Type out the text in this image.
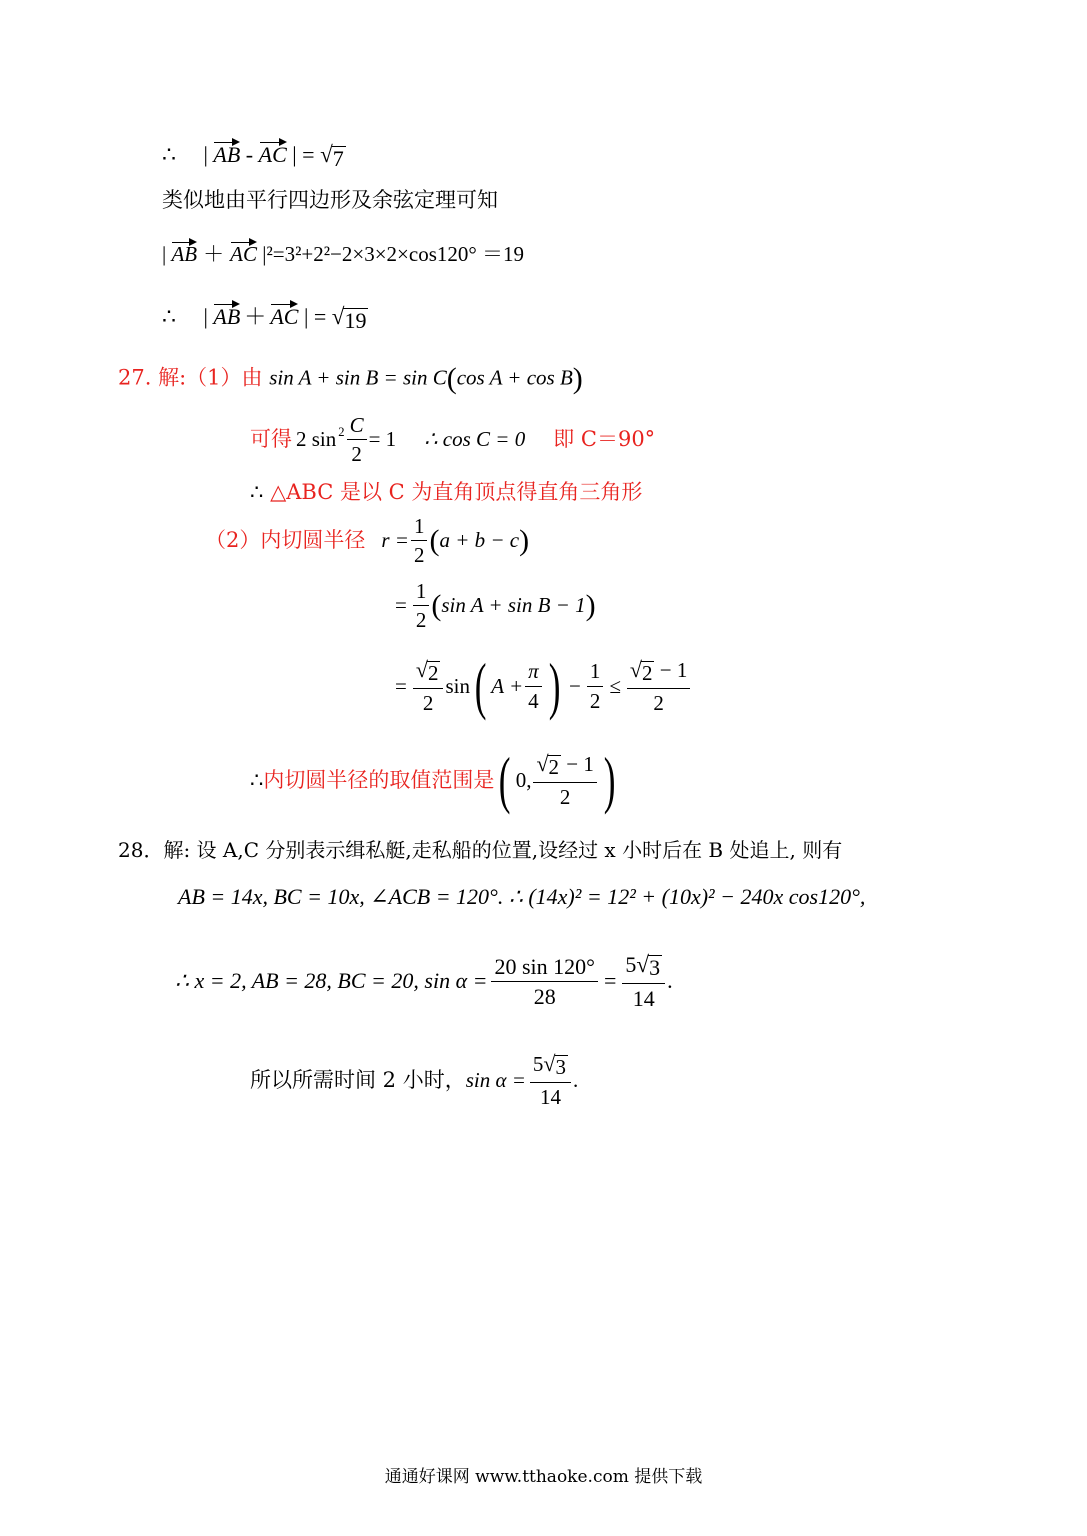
∴ | AB - AC | = √ 7
类似地由平行四边形及余弦定理可知
| AB ＋ AC |²=3²+2²−2×3×2×cos120° ＝19
∴ | AB ＋ AC | = √ 19
27. 解:（1）由 sin A + sin B = sin C(cos A + cos B)
可得 2 $\sin^2 \frac{C}{2} = 1$ ∴ cos C = 0 即 C＝90°
∴ △ABC 是以 C 为直角顶点得直角三角形
（2）内切圆半径 $r = \frac{1}{2}$ ( a + b − c )
= $\frac{1}{2}$ ( sin A + sin B − 1 )
= $\frac{√ 2}{2}$ sin ( $A + \frac{\pi}{4}$ ) − $\frac{1}{2} \le \frac{√ 2 - 1}{2}$
∴ 内切圆半径的取值范围是 ( 0, $\frac{√ 2 - 1}{2}$ )
28．解: 设 A,C 分别表示缉私艇,走私船的位置,设经过 x 小时后在 B 处追上, 则有
AB = 14x, BC = 10x, ∠ACB = 120°. ∴ (14x)² = 12² + (10x)² − 240x cos120°,
∴ x = 2, AB = 28, BC = 20, $\sin \alpha = \frac{20 \sin 120^\circ}{28} = \frac{5 √ 3}{14}$ .
所以所需时间 2 小时， $\sin \alpha = \frac{5 √ 3}{14}$ .
通通好课网 www.tthaoke.com 提供下载
